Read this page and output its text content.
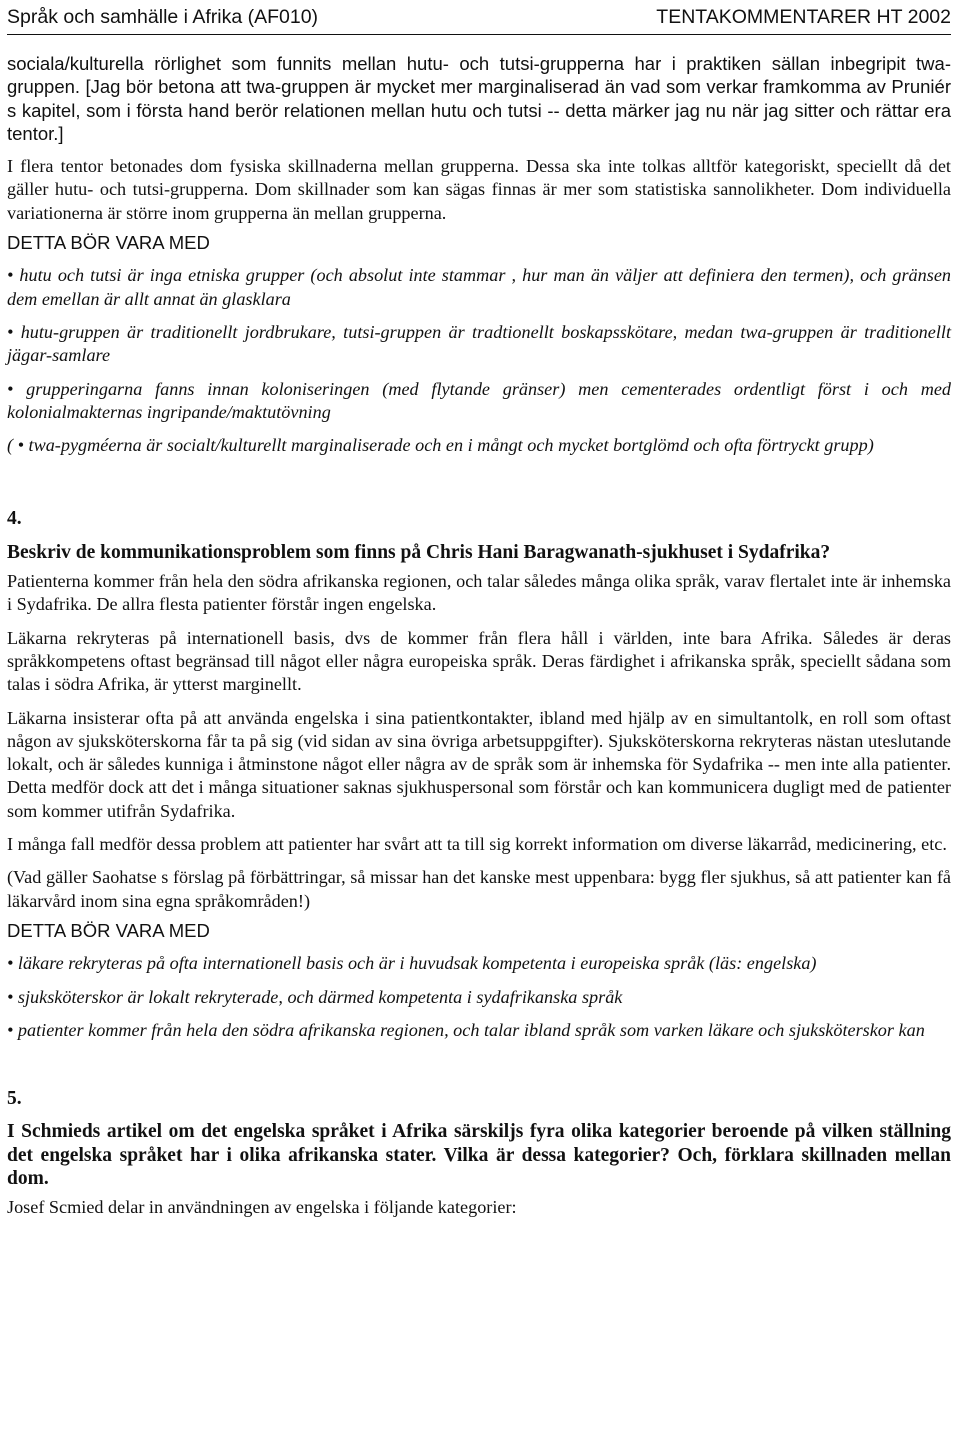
Språk och samhälle i Afrika (AF010)	TENTAKOMMENTARER HT 2002

sociala/kulturella rörlighet som funnits mellan hutu- och tutsi-grupperna har i praktiken sällan inbegripit twa-gruppen. [Jag bör betona att twa-gruppen är mycket mer marginaliserad än vad som verkar framkomma av Pruniér s kapitel, som i första hand berör relationen mellan hutu och tutsi -- detta märker jag nu när jag sitter och rättar era tentor.]

I flera tentor betonades dom fysiska skillnaderna mellan grupperna. Dessa ska inte tolkas alltför kategoriskt, speciellt då det gäller hutu- och tutsi-grupperna. Dom skillnader som kan sägas finnas är mer som statistiska sannolikheter. Dom individuella variationerna är större inom grupperna än mellan grupperna.

DETTA BÖR VARA MED

• hutu och tutsi är inga etniska grupper (och absolut inte stammar , hur man än väljer att definiera den termen), och gränsen dem emellan är allt annat än glasklara

• hutu-gruppen är traditionellt jordbrukare, tutsi-gruppen är tradtionellt boskapsskötare, medan twa-gruppen är traditionellt jägar-samlare

• grupperingarna fanns innan koloniseringen (med flytande gränser) men cementerades ordentligt först i och med kolonialmakternas ingripande/maktutövning

( • twa-pygméerna är socialt/kulturellt marginaliserade och en i mångt och mycket bortglömd och ofta förtryckt grupp)

4.

Beskriv de kommunikationsproblem som finns på Chris Hani Baragwanath-sjukhuset i Sydafrika?

Patienterna kommer från hela den södra afrikanska regionen, och talar således många olika språk, varav flertalet inte är inhemska i Sydafrika. De allra flesta patienter förstår ingen engelska.

Läkarna rekryteras på internationell basis, dvs de kommer från flera håll i världen, inte bara Afrika. Således är deras språkkompetens oftast begränsad till något eller några europeiska språk. Deras färdighet i afrikanska språk, speciellt sådana som talas i södra Afrika, är ytterst marginellt.

Läkarna insisterar ofta på att använda engelska i sina patientkontakter, ibland med hjälp av en simultantolk, en roll som oftast någon av sjuksköterskorna får ta på sig (vid sidan av sina övriga arbetsuppgifter). Sjuksköterskorna rekryteras nästan uteslutande lokalt, och är således kunniga i åtminstone något eller några av de språk som är inhemska för Sydafrika -- men inte alla patienter. Detta medför dock att det i många situationer saknas sjukhuspersonal som förstår och kan kommunicera dugligt med de patienter som kommer utifrån Sydafrika.

I många fall medför dessa problem att patienter har svårt att ta till sig korrekt information om diverse läkarråd, medicinering, etc.

(Vad gäller Saohatse s förslag på förbättringar, så missar han det kanske mest uppenbara: bygg fler sjukhus, så att patienter kan få läkarvård inom sina egna språkområden!)

DETTA BÖR VARA MED

• läkare rekryteras på ofta internationell basis och är i huvudsak kompetenta i europeiska språk (läs: engelska)

• sjuksköterskor är lokalt rekryterade, och därmed kompetenta i sydafrikanska språk

• patienter kommer från hela den södra afrikanska regionen, och talar ibland språk som varken läkare och sjuksköterskor kan

5.

I Schmieds artikel om det engelska språket i Afrika särskiljs fyra olika kategorier beroende på vilken ställning det engelska språket har i olika afrikanska stater. Vilka är dessa kategorier? Och, förklara skillnaden mellan dom.

Josef Scmied delar in användningen av engelska i följande kategorier:
